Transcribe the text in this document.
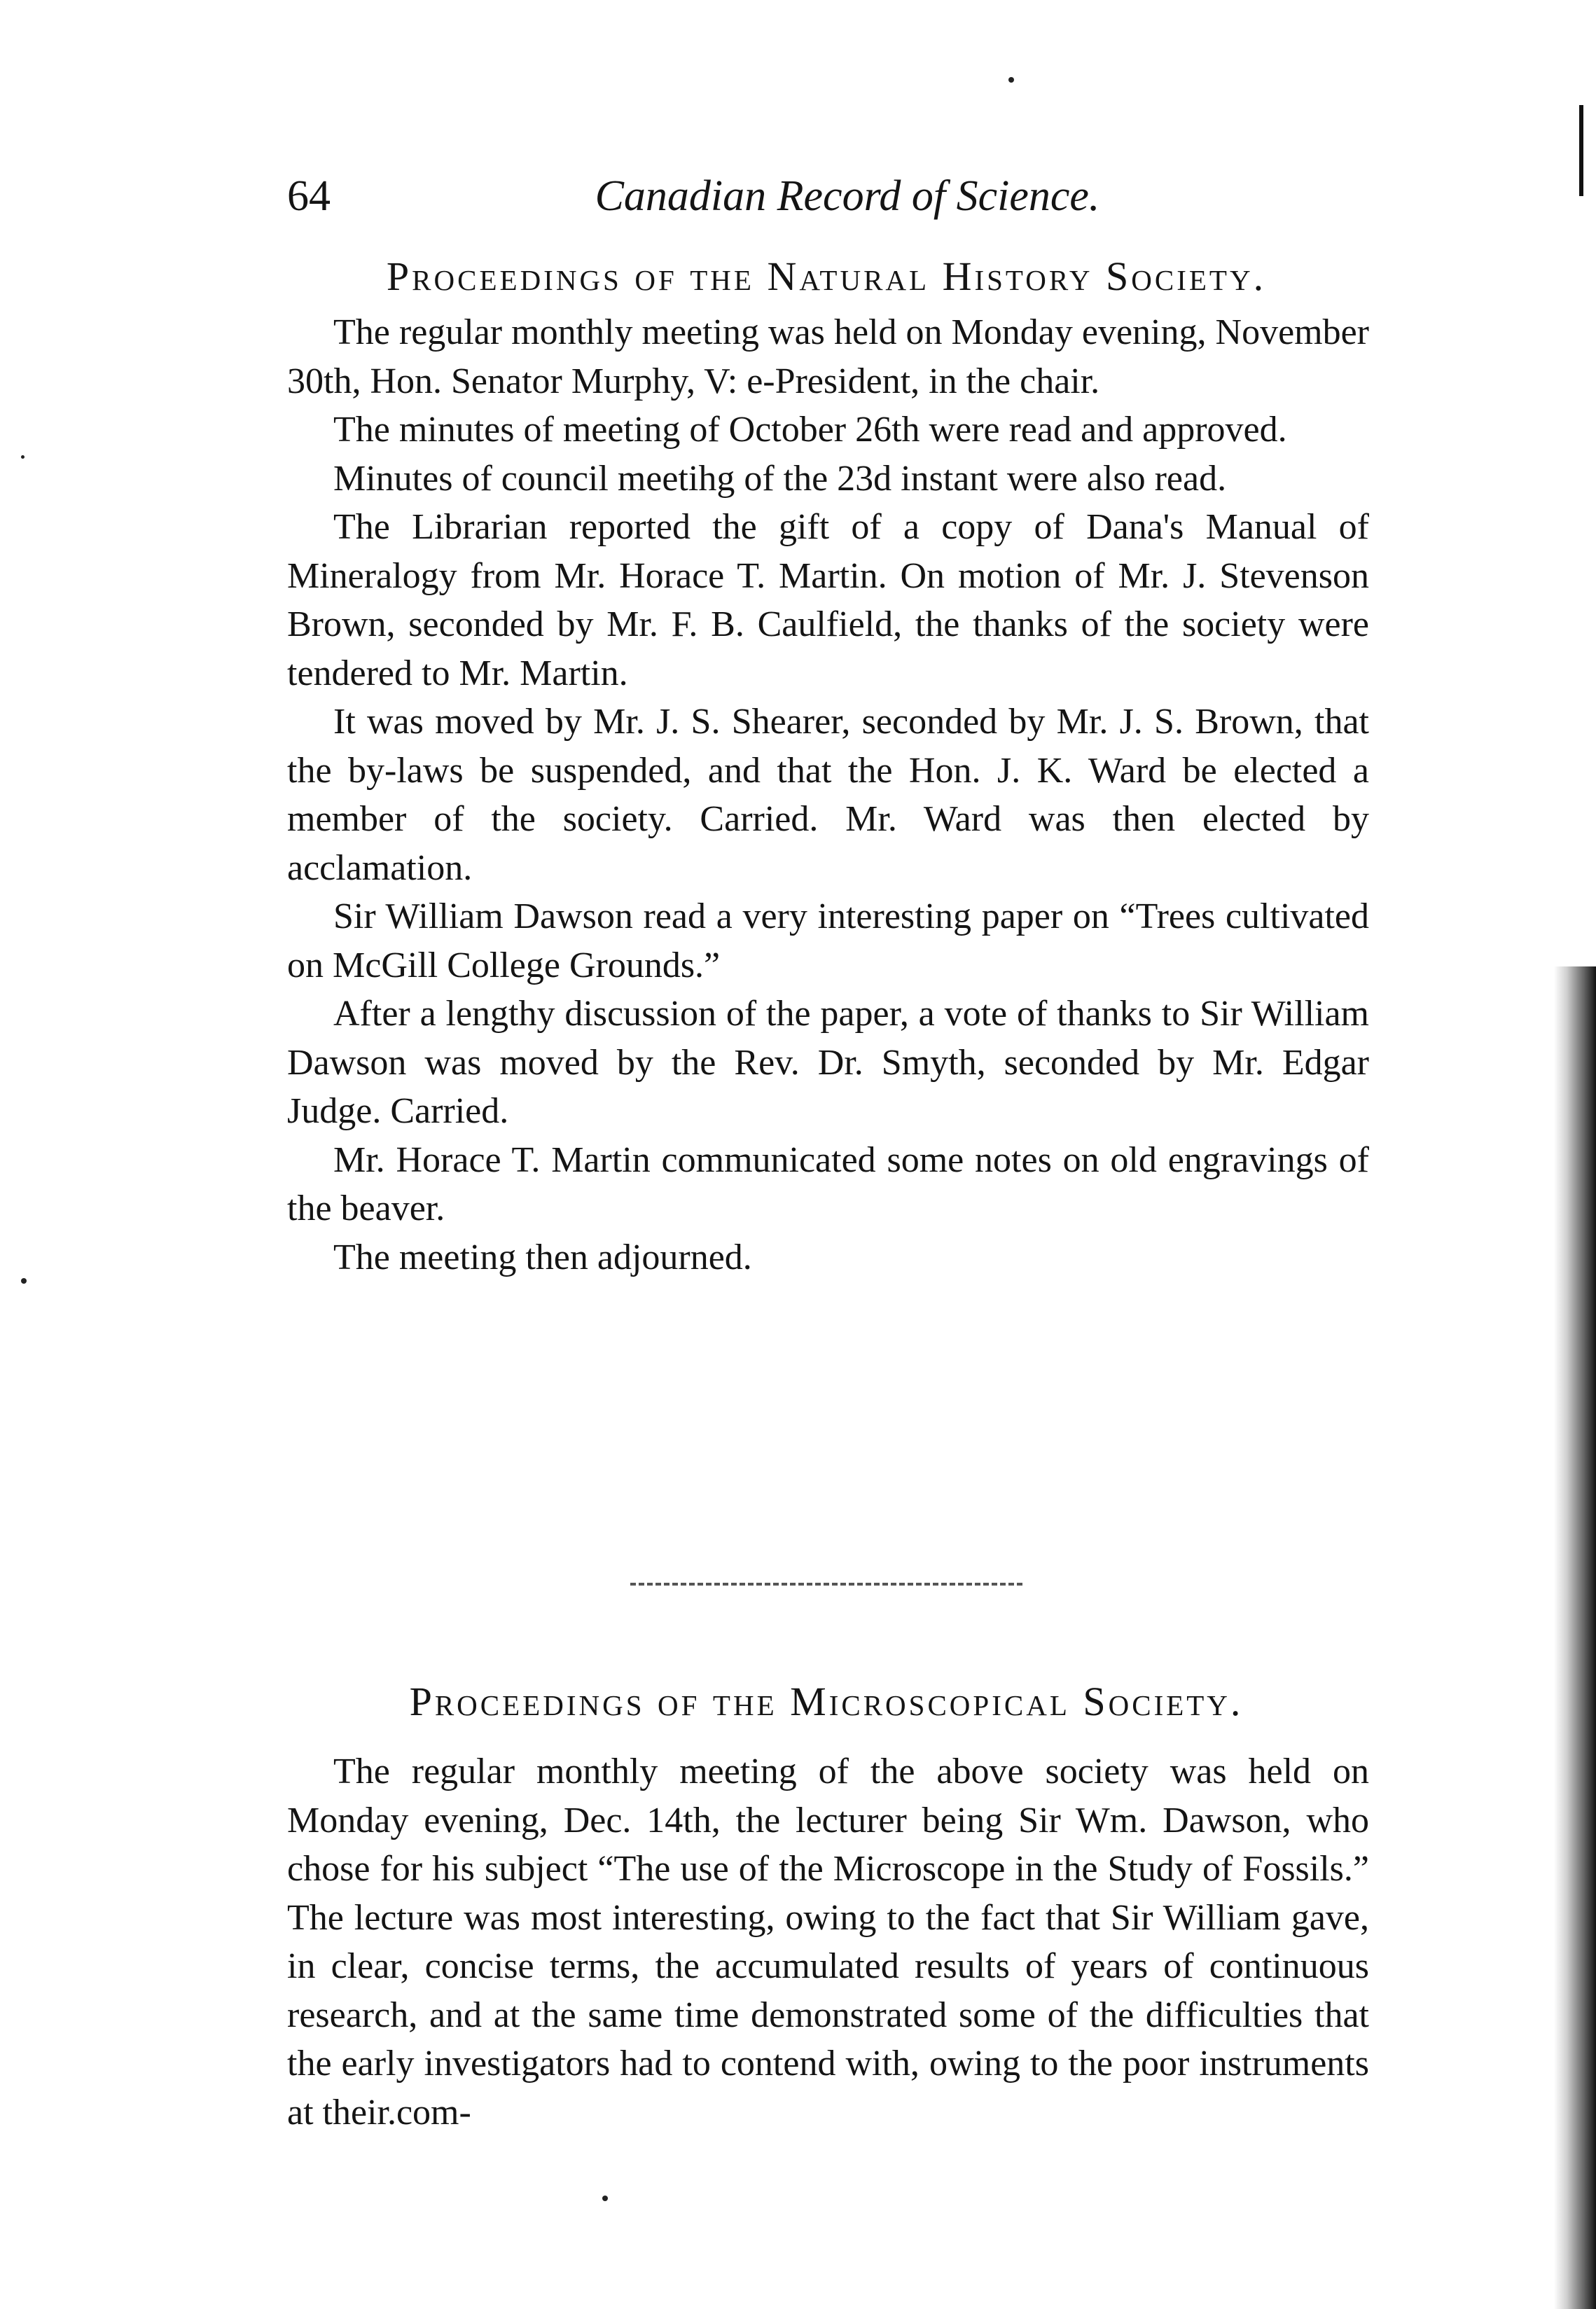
64	Canadian Record of Science.
Proceedings of the Natural History Society.

The regular monthly meeting was held on Monday evening, November 30th, Hon. Senator Murphy, V: e-President, in the chair.

The minutes of meeting of October 26th were read and approved.

Minutes of council meetihg of the 23d instant were also read.

The Librarian reported the gift of a copy of Dana's Manual of Mineralogy from Mr. Horace T. Martin. On motion of Mr. J. Stevenson Brown, seconded by Mr. F. B. Caulfield, the thanks of the society were tendered to Mr. Martin.

It was moved by Mr. J. S. Shearer, seconded by Mr. J. S. Brown, that the by-laws be suspended, and that the Hon. J. K. Ward be elected a member of the society. Carried. Mr. Ward was then elected by acclamation.

Sir William Dawson read a very interesting paper on “Trees cultivated on McGill College Grounds.”

After a lengthy discussion of the paper, a vote of thanks to Sir William Dawson was moved by the Rev. Dr. Smyth, seconded by Mr. Edgar Judge. Carried.

Mr. Horace T. Martin communicated some notes on old engravings of the beaver.

The meeting then adjourned.

Proceedings of the Microscopical Society.

The regular monthly meeting of the above society was held on Monday evening, Dec. 14th, the lecturer being Sir Wm. Dawson, who chose for his subject “The use of the Microscope in the Study of Fossils.” The lecture was most interesting, owing to the fact that Sir William gave, in clear, concise terms, the accumulated results of years of continuous research, and at the same time demonstrated some of the difficulties that the early investigators had to contend with, owing to the poor instruments at their.com-
